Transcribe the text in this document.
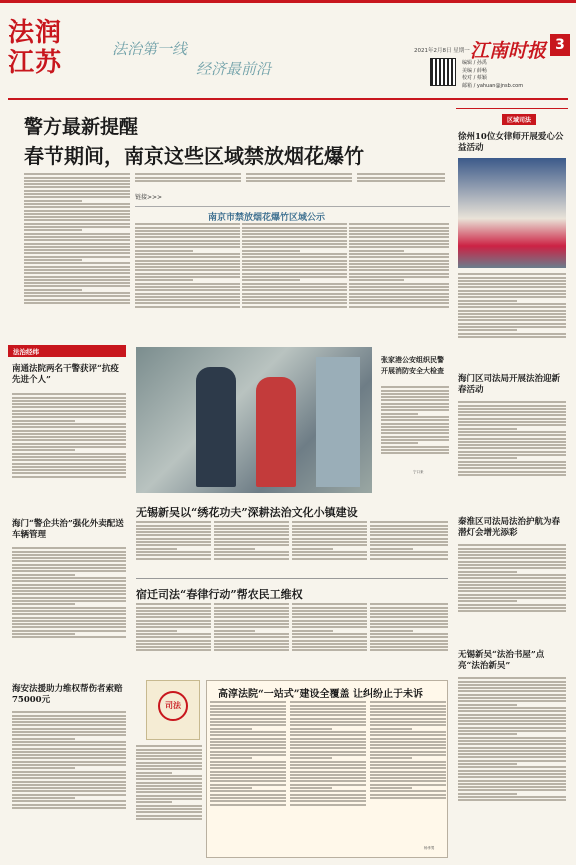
法润
江苏	法治第一线
经济最前沿
2021年2月8日 星期一 江南时报 3
编辑 / 孙禹
美编 / 薛畅
校对 / 蔡颖
邮箱 / yahuan@jnsb.com
警方最新提醒
春节期间，南京这些区域禁放烟花爆竹
链接>>>
南京市禁放烟花爆竹区域公示
张家港公安组织民警开展消防安全大检查
宁口来
法治经纬
南通法院两名干警获评“抗疫先进个人”
海门“警企共治”强化外卖配送车辆管理
海安法援助力维权帮伤者索赔75000元
无锡新吴以“绣花功夫”深耕法治文化小镇建设
宿迁司法“春律行动”帮农民工维权
司法
高淳法院“一站式”建设全覆盖 让纠纷止于未诉
杨孝男
区域司法
徐州10位女律师开展爱心公益活动
海门区司法局开展法治迎新春活动
秦淮区司法局法治护航为春潜灯会增光添彩
无锡新吴“法治书屋”点亮“法治新吴”
